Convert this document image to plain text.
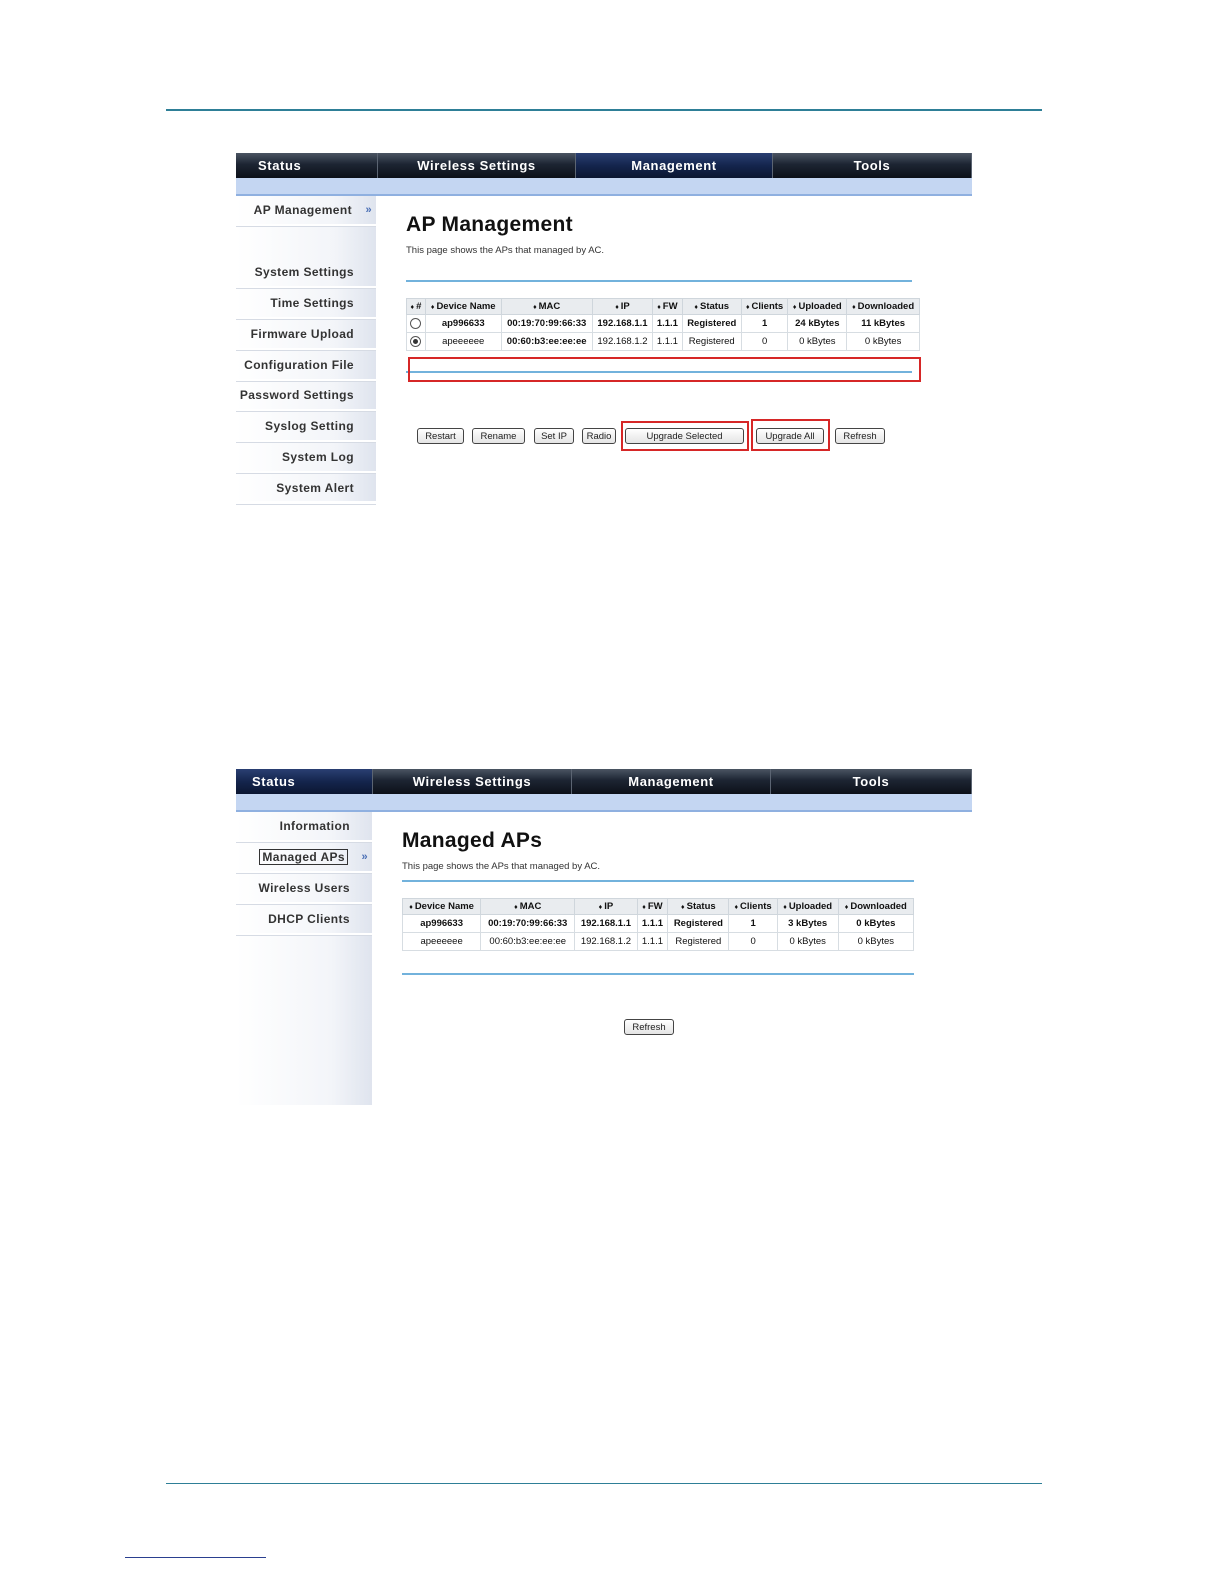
Status	Wireless Settings	Management	Tools
AP Management »
System Settings
Time Settings
Firmware Upload
Configuration File
Password Settings
Syslog Setting
System Log
System Alert
AP Management
This page shows the APs that managed by AC.
♦ #	♦ Device Name	♦ MAC	♦ IP	♦ FW	♦ Status	♦ Clients	♦ Uploaded	♦ Downloaded
	ap996633	00:19:70:99:66:33	192.168.1.1	1.1.1	Registered	1	24 kBytes	11 kBytes
	apeeeeee	00:60:b3:ee:ee:ee	192.168.1.2	1.1.1	Registered	0	0 kBytes	0 kBytes
Restart	Rename	Set IP	Radio	Upgrade Selected	Upgrade All	Refresh
Status	Wireless Settings	Management	Tools
Information
Managed APs »
Wireless Users
DHCP Clients
Managed APs
This page shows the APs that managed by AC.
♦ Device Name	♦ MAC	♦ IP	♦ FW	♦ Status	♦ Clients	♦ Uploaded	♦ Downloaded
ap996633	00:19:70:99:66:33	192.168.1.1	1.1.1	Registered	1	3 kBytes	0 kBytes
apeeeeee	00:60:b3:ee:ee:ee	192.168.1.2	1.1.1	Registered	0	0 kBytes	0 kBytes
Refresh
